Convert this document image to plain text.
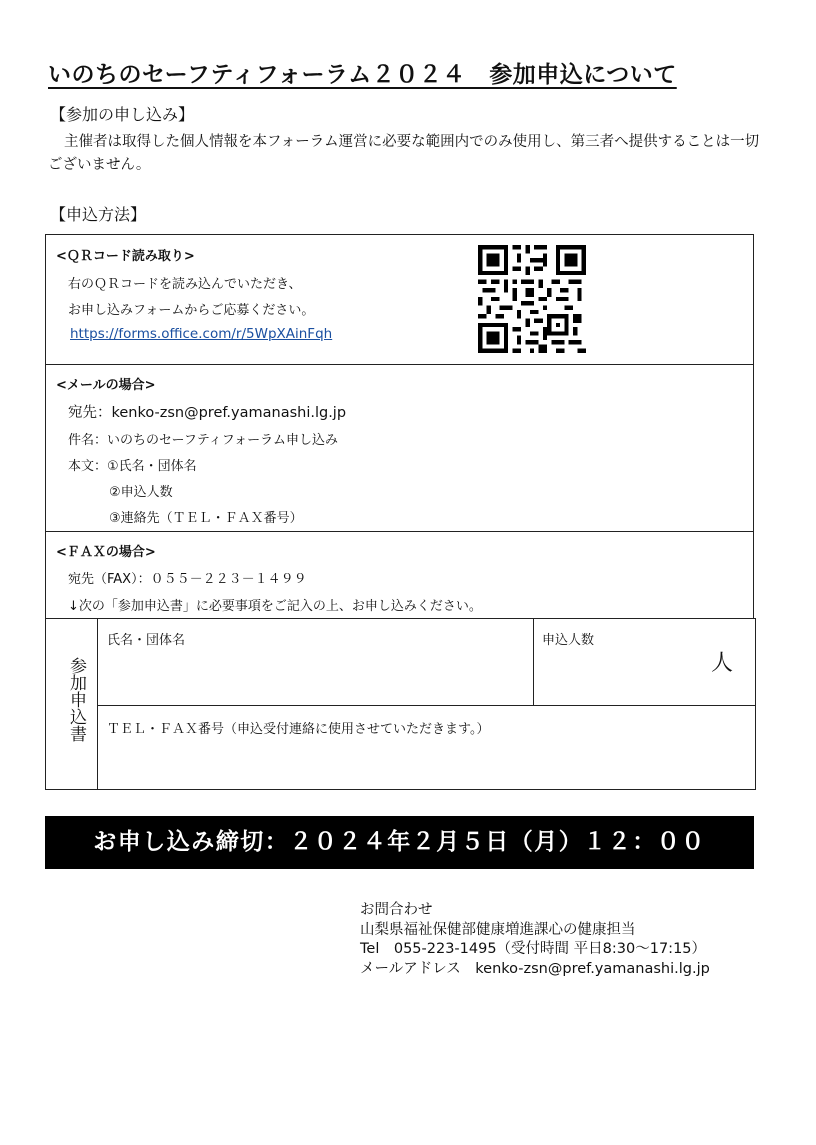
いのちのセーフティフォーラム２０２４　参加申込について
【参加の申し込み】
主催者は取得した個人情報を本フォーラム運営に必要な範囲内でのみ使用し、第三者へ提供することは一切ございません。
【申込方法】
<ＱＲコード読み取り>
右のＱＲコードを読み込んでいただき、
お申し込みフォームからご応募ください。
https://forms.office.com/r/5WpXAinFqh
<メールの場合>
宛先：kenko-zsn@pref.yamanashi.lg.jp
件名：いのちのセーフティフォーラム申し込み
本文：①氏名・団体名
②申込人数
③連絡先（ＴＥＬ・ＦＡＸ番号）
<ＦＡＸの場合>
宛先（FAX）：０５５－２２３－１４９９
↓次の「参加申込書」に必要事項をご記入の上、お申し込みください。
参加申込書
氏名・団体名	申込人数
人
ＴＥＬ・ＦＡＸ番号（申込受付連絡に使用させていただきます。）
お申し込み締切：２０２４年２月５日（月）１２：００
お問合わせ
山梨県福祉保健部健康増進課心の健康担当
Tel　055-223-1495（受付時間 平日8:30～17:15）
メールアドレス　kenko-zsn@pref.yamanashi.lg.jp
